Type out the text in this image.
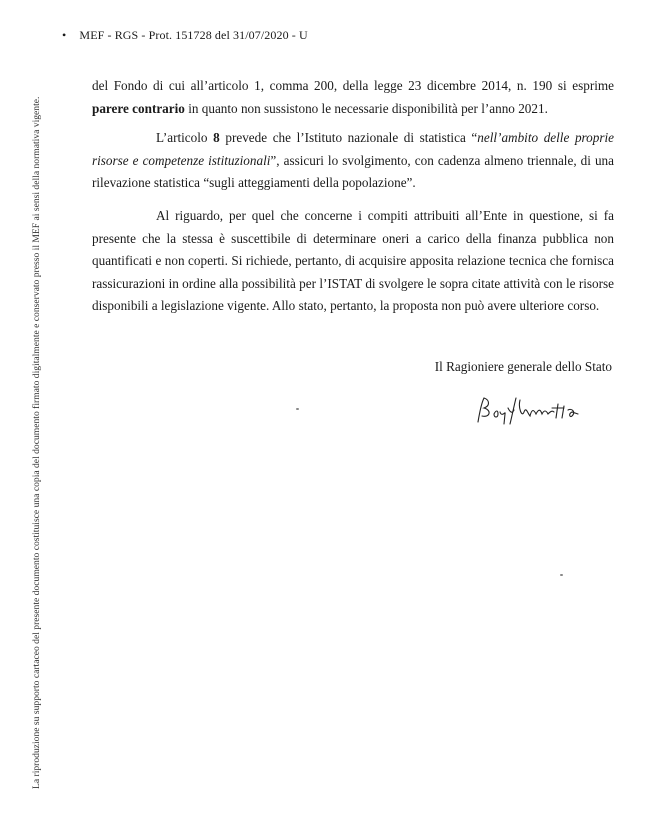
• MEF - RGS - Prot. 151728 del 31/07/2020 - U
del Fondo di cui all’articolo 1, comma 200, della legge 23 dicembre 2014, n. 190 si esprime parere contrario in quanto non sussistono le necessarie disponibilità per l’anno 2021.
L’articolo 8 prevede che l’Istituto nazionale di statistica “nell’ambito delle proprie risorse e competenze istituzionali”, assicuri lo svolgimento, con cadenza almeno triennale, di una rilevazione statistica “sugli atteggiamenti della popolazione”.
Al riguardo, per quel che concerne i compiti attribuiti all’Ente in questione, si fa presente che la stessa è suscettibile di determinare oneri a carico della finanza pubblica non quantificati e non coperti. Si richiede, pertanto, di acquisire apposita relazione tecnica che fornisca rassicurazioni in ordine alla possibilità per l’ISTAT di svolgere le sopra citate attività con le risorse disponibili a legislazione vigente. Allo stato, pertanto, la proposta non può avere ulteriore corso.
Il Ragioniere generale dello Stato
La riproduzione su supporto cartaceo del presente documento costituisce una copia del documento firmato digitalmente e conservato presso il MEF ai sensi della normativa vigente.
